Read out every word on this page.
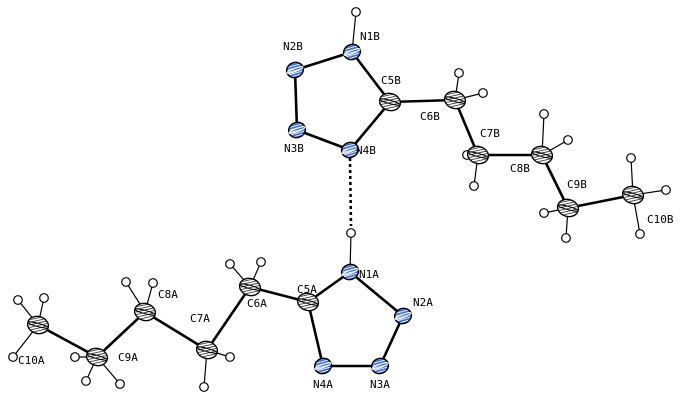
N1B
N2B
N3B	N4B
C5B
C6B
C7B
C8B
C9B
C10B
N1A
N2A
N3A
N4A
C5A
C6A
C7A
C8A
C9A
C10A
